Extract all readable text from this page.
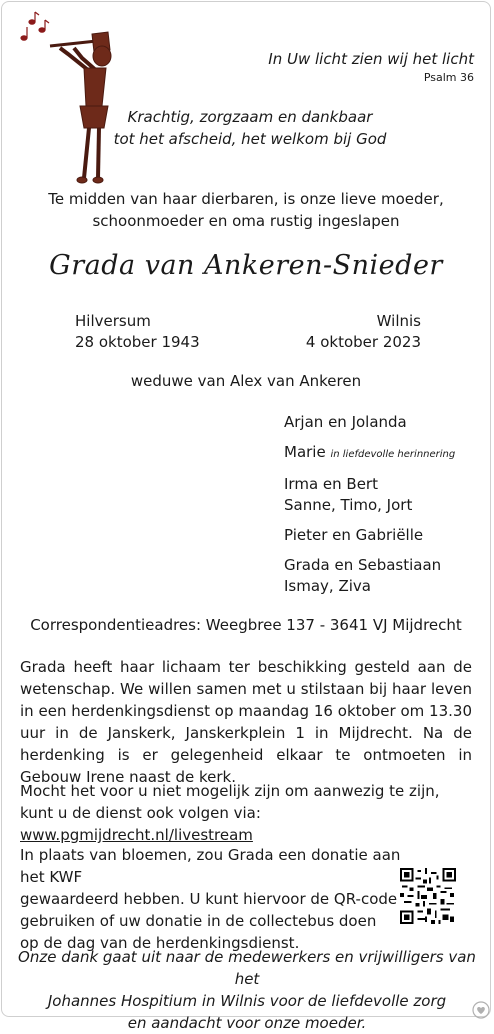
In Uw licht zien wij het licht
Psalm 36
Krachtig, zorgzaam en dankbaar
tot het afscheid, het welkom bij God
Te midden van haar dierbaren, is onze lieve moeder,
schoonmoeder en oma rustig ingeslapen
Grada van Ankeren-Snieder
Hilversum
28 oktober 1943
Wilnis
4 oktober 2023
weduwe van Alex van Ankeren
Arjan en Jolanda
Marie in liefdevolle herinnering
Irma en Bert
Sanne, Timo, Jort
Pieter en Gabriëlle
Grada en Sebastiaan
Ismay, Ziva
Correspondentieadres: Weegbree 137 - 3641 VJ Mijdrecht
Grada heeft haar lichaam ter beschikking gesteld aan de wetenschap. We willen samen met u stilstaan bij haar leven in een herdenkingsdienst op maandag 16 oktober om 13.30 uur in de Janskerk, Janskerkplein 1 in Mijdrecht. Na de herdenking is er gelegenheid elkaar te ontmoeten in Gebouw Irene naast de kerk.
Mocht het voor u niet mogelijk zijn om aanwezig te zijn, kunt u de dienst ook volgen via: www.pgmijdrecht.nl/livestream
In plaats van bloemen, zou Grada een donatie aan het KWF
gewaardeerd hebben. U kunt hiervoor de QR-code
gebruiken of uw donatie in de collectebus doen
op de dag van de herdenkingsdienst.
Onze dank gaat uit naar de medewerkers en vrijwilligers van het
Johannes Hospitium in Wilnis voor de liefdevolle zorg
en aandacht voor onze moeder.
